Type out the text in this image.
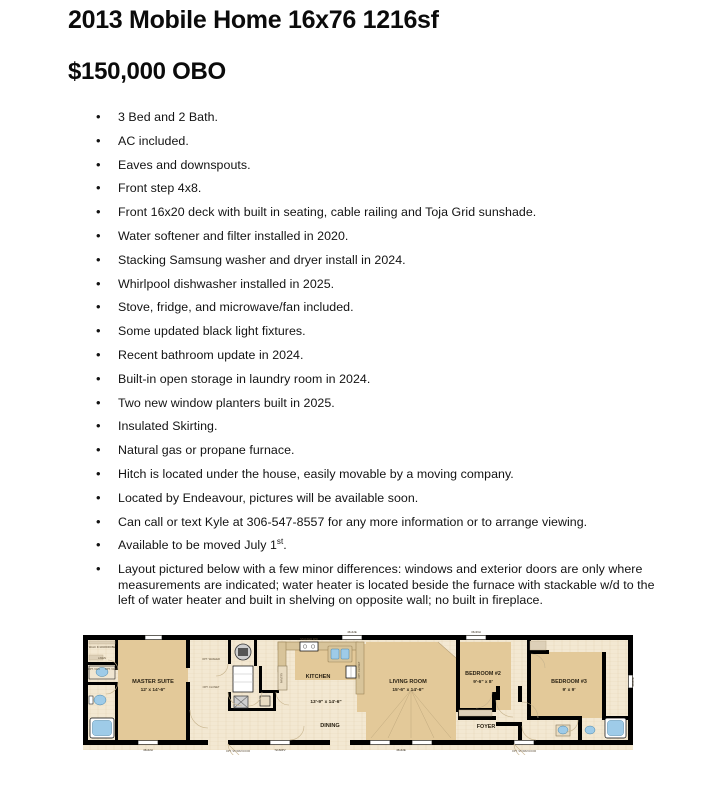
2013 Mobile Home 16x76 1216sf
$150,000 OBO
• 3 Bed and 2 Bath.
• AC included.
• Eaves and downspouts.
• Front step 4x8.
• Front 16x20 deck with built in seating, cable railing and Toja Grid sunshade.
• Water softener and filter installed in 2020.
• Stacking Samsung washer and dryer install in 2024.
• Whirlpool dishwasher installed in 2025.
• Stove, fridge, and microwave/fan included.
• Some updated black light fixtures.
• Recent bathroom update in 2024.
• Built-in open storage in laundry room in 2024.
• Two new window planters built in 2025.
• Insulated Skirting.
• Natural gas or propane furnace.
• Hitch is located under the house, easily movable by a moving company.
• Located by Endeavour, pictures will be available soon.
• Can call or text Kyle at 306-547-8557 for any more information or to arrange viewing.
• Available to be moved July 1st.
• Layout pictured below with a few minor differences: windows and exterior doors are only where measurements are indicated; water heater is located beside the furnace with stackable w/d to the left of water heater and built in shelving on opposite wall; no built in fireplace.
MASTER SUITE
12' x 14'-6"
KITCHEN
13'-9" x 14'-6"
DINING
LIVING ROOM
15'-6" x 14'-6"
BEDROOM #2
9'-6" x 8'	BEDROOM #3
9' x 9'
FOYER
WALK IN WARDROBE
OPT. VAN. OPT. VAN.
LINEN	OPT. WASHER
OPT. CLOSET
STACKED W/D
PANTRY	OPT. CLOSET
OPT. STORM DOOR	OPT. STORM DOOR
46x42E	36x36H
46x42H	72x60PV	46x42E
46x42E
